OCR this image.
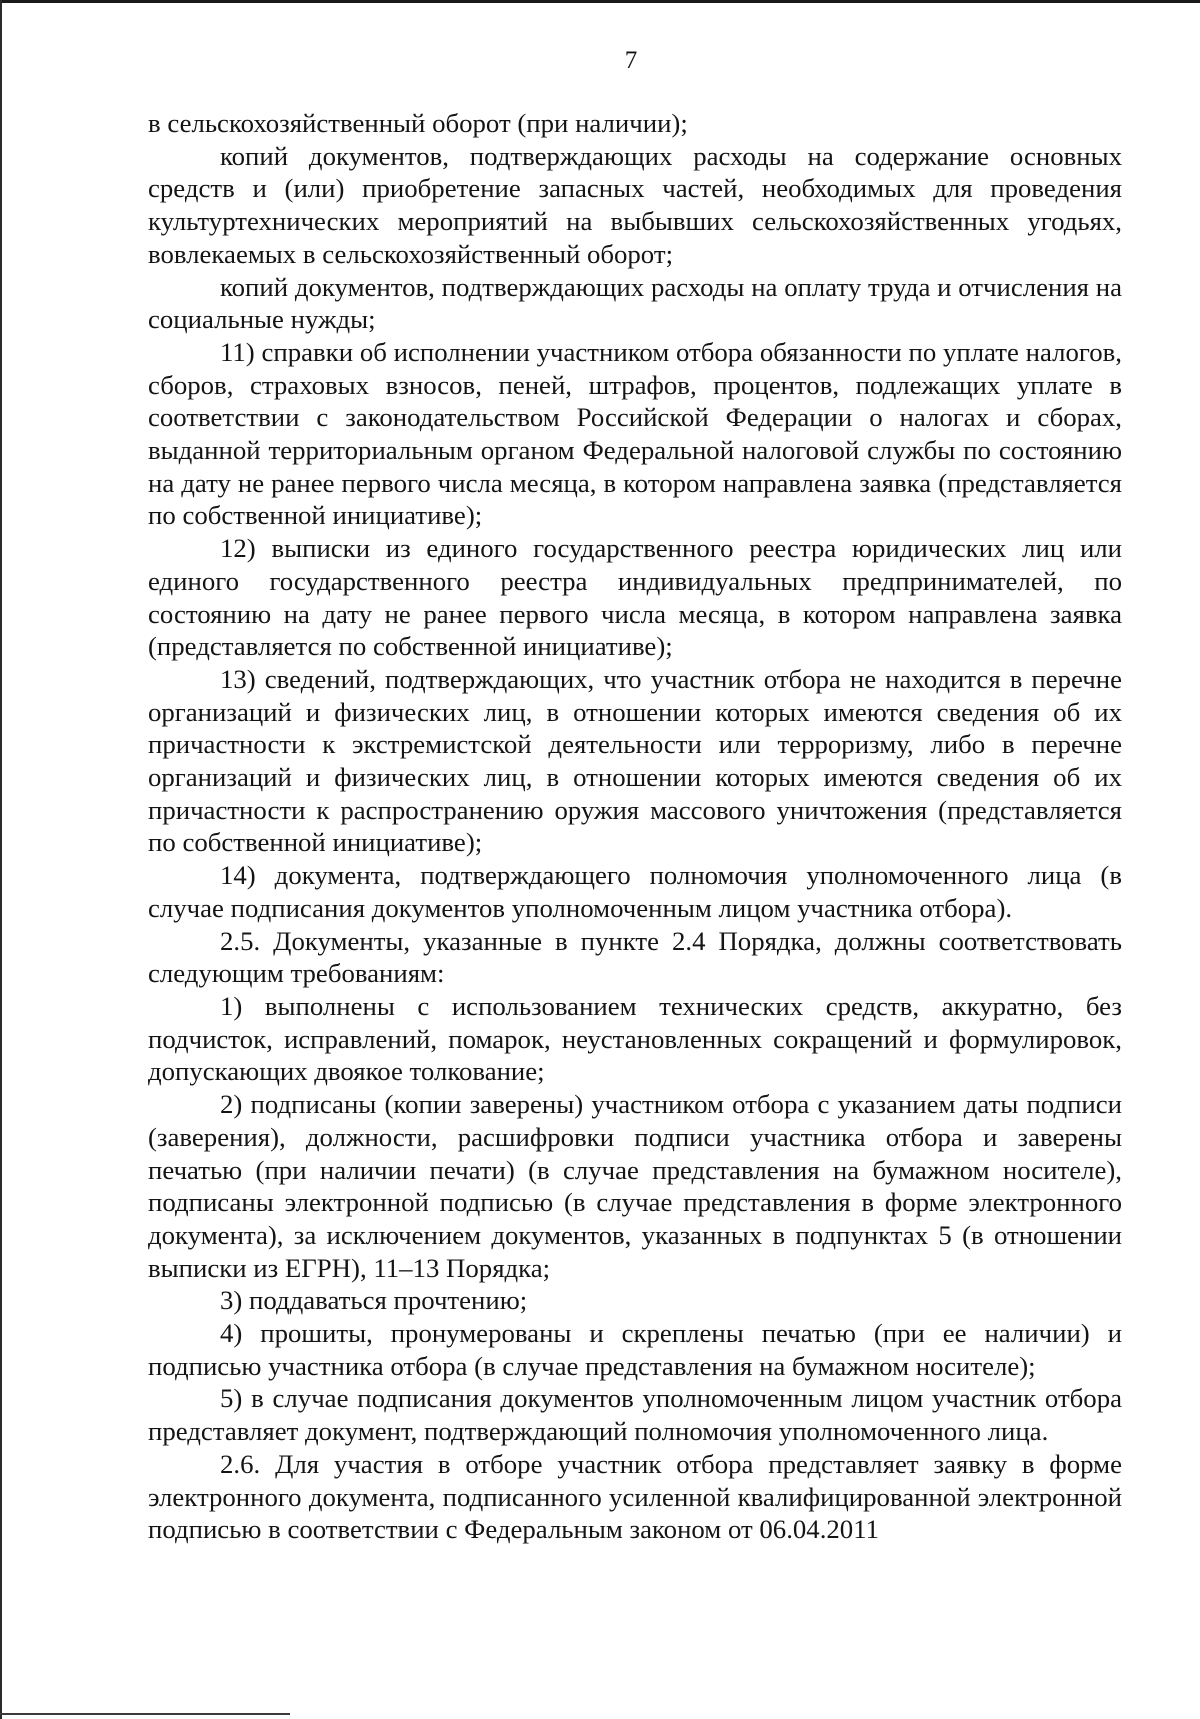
7

в сельскохозяйственный оборот (при наличии);

копий документов, подтверждающих расходы на содержание основных средств и (или) приобретение запасных частей, необходимых для проведения культуртехнических мероприятий на выбывших сельскохозяйственных угодьях, вовлекаемых в сельскохозяйственный оборот;

копий документов, подтверждающих расходы на оплату труда и отчисления на социальные нужды;

11) справки об исполнении участником отбора обязанности по уплате налогов, сборов, страховых взносов, пеней, штрафов, процентов, подлежащих уплате в соответствии с законодательством Российской Федерации о налогах и сборах, выданной территориальным органом Федеральной налоговой службы по состоянию на дату не ранее первого числа месяца, в котором направлена заявка (представляется по собственной инициативе);

12) выписки из единого государственного реестра юридических лиц или единого государственного реестра индивидуальных предпринимателей, по состоянию на дату не ранее первого числа месяца, в котором направлена заявка (представляется по собственной инициативе);

13) сведений, подтверждающих, что участник отбора не находится в перечне организаций и физических лиц, в отношении которых имеются сведения об их причастности к экстремистской деятельности или терроризму, либо в перечне организаций и физических лиц, в отношении которых имеются сведения об их причастности к распространению оружия массового уничтожения (представляется по собственной инициативе);

14) документа, подтверждающего полномочия уполномоченного лица (в случае подписания документов уполномоченным лицом участника отбора).

2.5. Документы, указанные в пункте 2.4 Порядка, должны соответствовать следующим требованиям:

1) выполнены с использованием технических средств, аккуратно, без подчисток, исправлений, помарок, неустановленных сокращений и формулировок, допускающих двоякое толкование;

2) подписаны (копии заверены) участником отбора с указанием даты подписи (заверения), должности, расшифровки подписи участника отбора и заверены печатью (при наличии печати) (в случае представления на бумажном носителе), подписаны электронной подписью (в случае представления в форме электронного документа), за исключением документов, указанных в подпунктах 5 (в отношении выписки из ЕГРН), 11–13 Порядка;

3) поддаваться прочтению;

4) прошиты, пронумерованы и скреплены печатью (при ее наличии) и подписью участника отбора (в случае представления на бумажном носителе);

5) в случае подписания документов уполномоченным лицом участник отбора представляет документ, подтверждающий полномочия уполномоченного лица.

2.6. Для участия в отборе участник отбора представляет заявку в форме электронного документа, подписанного усиленной квалифицированной электронной подписью в соответствии с Федеральным законом от 06.04.2011
